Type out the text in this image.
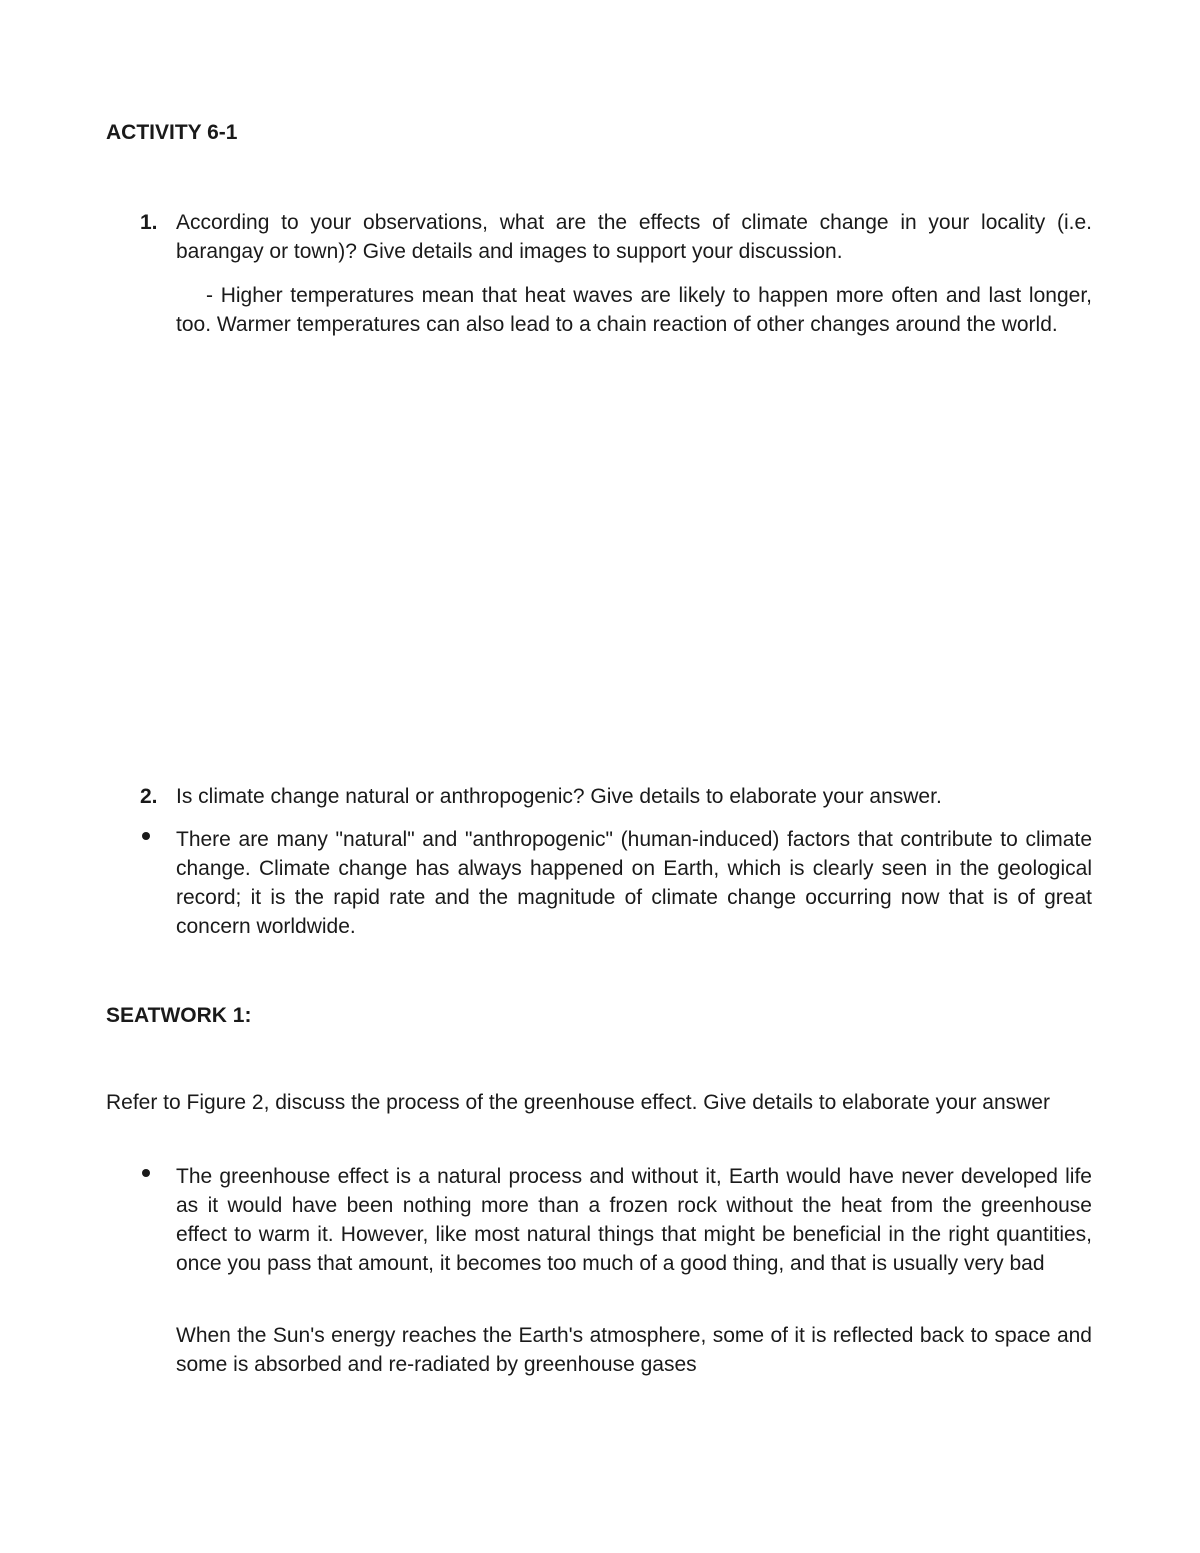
ACTIVITY 6-1

1. According to your observations, what are the effects of climate change in your locality (i.e. barangay or town)? Give details and images to support your discussion.

- Higher temperatures mean that heat waves are likely to happen more often and last longer, too. Warmer temperatures can also lead to a chain reaction of other changes around the world.

2. Is climate change natural or anthropogenic? Give details to elaborate your answer.

There are many "natural" and "anthropogenic" (human-induced) factors that contribute to climate change. Climate change has always happened on Earth, which is clearly seen in the geological record; it is the rapid rate and the magnitude of climate change occurring now that is of great concern worldwide.

SEATWORK 1:

Refer to Figure 2, discuss the process of the greenhouse effect. Give details to elaborate your answer

The greenhouse effect is a natural process and without it, Earth would have never developed life as it would have been nothing more than a frozen rock without the heat from the greenhouse effect to warm it. However, like most natural things that might be beneficial in the right quantities, once you pass that amount, it becomes too much of a good thing, and that is usually very bad

When the Sun's energy reaches the Earth's atmosphere, some of it is reflected back to space and some is absorbed and re-radiated by greenhouse gases
